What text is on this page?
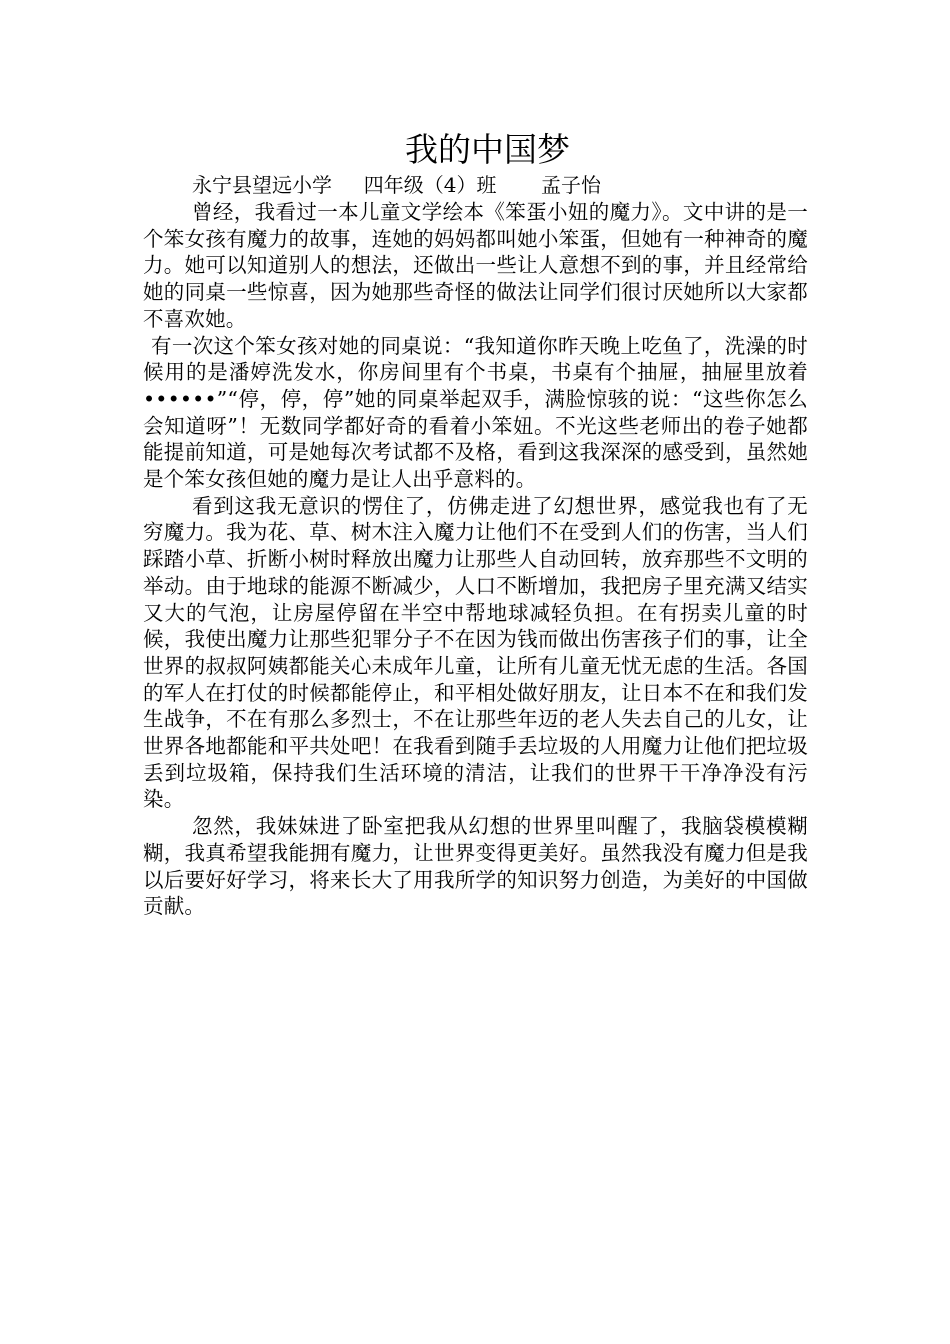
我的中国梦

永宁县望远小学     四年级（4）班       孟子怡

曾经，我看过一本儿童文学绘本《笨蛋小妞的魔力》。文中讲的是一个笨女孩有魔力的故事，连她的妈妈都叫她小笨蛋，但她有一种神奇的魔力。她可以知道别人的想法，还做出一些让人意想不到的事，并且经常给她的同桌一些惊喜，因为她那些奇怪的做法让同学们很讨厌她所以大家都不喜欢她。

有一次这个笨女孩对她的同桌说：“我知道你昨天晚上吃鱼了，洗澡的时候用的是潘婷洗发水，你房间里有个书桌，书桌有个抽屉，抽屉里放着••••••”“停，停，停”她的同桌举起双手，满脸惊骇的说：“这些你怎么会知道呀”！无数同学都好奇的看着小笨妞。不光这些老师出的卷子她都能提前知道，可是她每次考试都不及格，看到这我深深的感受到，虽然她是个笨女孩但她的魔力是让人出乎意料的。

看到这我无意识的愣住了，仿佛走进了幻想世界，感觉我也有了无穷魔力。我为花、草、树木注入魔力让他们不在受到人们的伤害，当人们踩踏小草、折断小树时释放出魔力让那些人自动回转，放弃那些不文明的举动。由于地球的能源不断减少，人口不断增加，我把房子里充满又结实又大的气泡，让房屋停留在半空中帮地球减轻负担。在有拐卖儿童的时候，我使出魔力让那些犯罪分子不在因为钱而做出伤害孩子们的事，让全世界的叔叔阿姨都能关心未成年儿童，让所有儿童无忧无虑的生活。各国的军人在打仗的时候都能停止，和平相处做好朋友，让日本不在和我们发生战争，不在有那么多烈士，不在让那些年迈的老人失去自己的儿女，让世界各地都能和平共处吧！在我看到随手丢垃圾的人用魔力让他们把垃圾丢到垃圾箱，保持我们生活环境的清洁，让我们的世界干干净净没有污染。

忽然，我妹妹进了卧室把我从幻想的世界里叫醒了，我脑袋模模糊糊，我真希望我能拥有魔力，让世界变得更美好。虽然我没有魔力但是我以后要好好学习，将来长大了用我所学的知识努力创造，为美好的中国做贡献。
